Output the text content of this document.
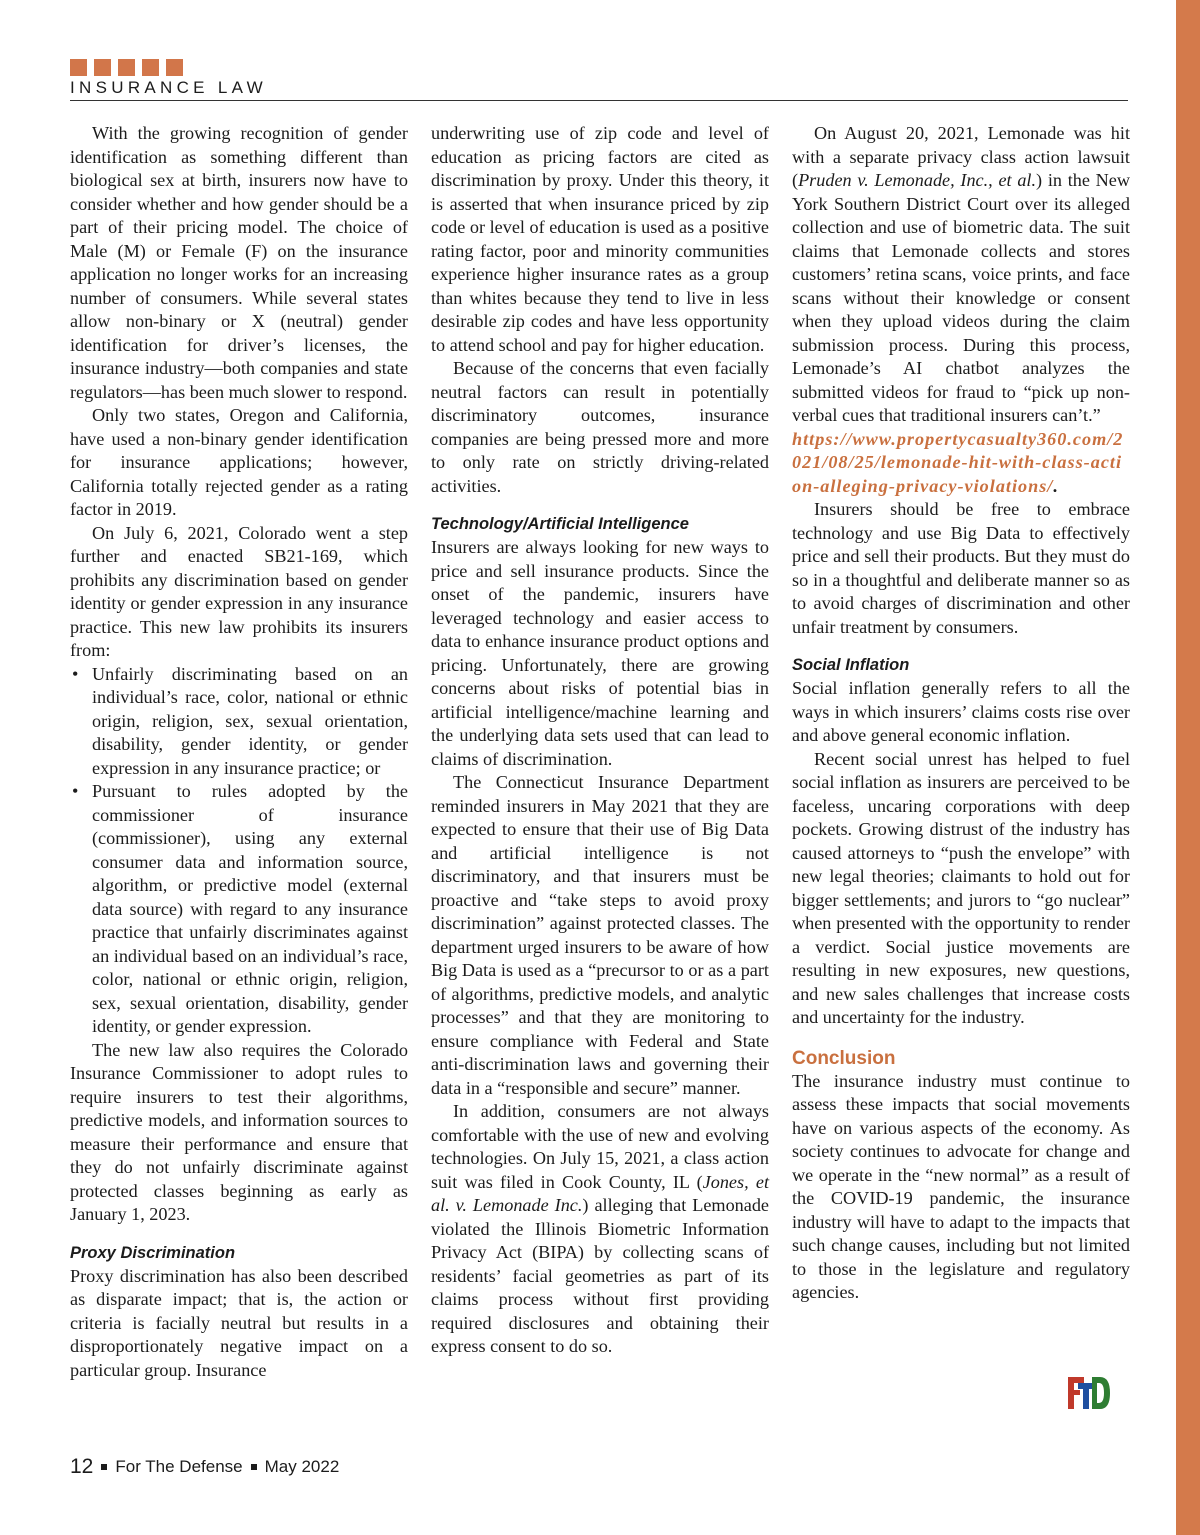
INSURANCE LAW

With the growing recognition of gender identification as something different than biological sex at birth, insurers now have to consider whether and how gender should be a part of their pricing model. The choice of Male (M) or Female (F) on the insurance application no longer works for an increasing number of consumers. While several states allow non-binary or X (neutral) gender identification for driver’s licenses, the insurance industry—both companies and state regulators—has been much slower to respond.

Only two states, Oregon and California, have used a non-binary gender identification for insurance applications; however, California totally rejected gender as a rating factor in 2019.

On July 6, 2021, Colorado went a step further and enacted SB21-169, which prohibits any discrimination based on gender identity or gender expression in any insurance practice. This new law prohibits its insurers from:

• Unfairly discriminating based on an individual’s race, color, national or ethnic origin, religion, sex, sexual orientation, disability, gender identity, or gender expression in any insurance practice; or
• Pursuant to rules adopted by the commissioner of insurance (commissioner), using any external consumer data and information source, algorithm, or predictive model (external data source) with regard to any insurance practice that unfairly discriminates against an individual based on an individual’s race, color, national or ethnic origin, religion, sex, sexual orientation, disability, gender identity, or gender expression.

The new law also requires the Colorado Insurance Commissioner to adopt rules to require insurers to test their algorithms, predictive models, and information sources to measure their performance and ensure that they do not unfairly discriminate against protected classes beginning as early as January 1, 2023.

Proxy Discrimination

Proxy discrimination has also been described as disparate impact; that is, the action or criteria is facially neutral but results in a disproportionately negative impact on a particular group. Insurance

underwriting use of zip code and level of education as pricing factors are cited as discrimination by proxy. Under this theory, it is asserted that when insurance priced by zip code or level of education is used as a positive rating factor, poor and minority communities experience higher insurance rates as a group than whites because they tend to live in less desirable zip codes and have less opportunity to attend school and pay for higher education.

Because of the concerns that even facially neutral factors can result in potentially discriminatory outcomes, insurance companies are being pressed more and more to only rate on strictly driving-related activities.

Technology/Artificial Intelligence

Insurers are always looking for new ways to price and sell insurance products. Since the onset of the pandemic, insurers have leveraged technology and easier access to data to enhance insurance product options and pricing. Unfortunately, there are growing concerns about risks of potential bias in artificial intelligence/machine learning and the underlying data sets used that can lead to claims of discrimination.

The Connecticut Insurance Department reminded insurers in May 2021 that they are expected to ensure that their use of Big Data and artificial intelligence is not discriminatory, and that insurers must be proactive and “take steps to avoid proxy discrimination” against protected classes. The department urged insurers to be aware of how Big Data is used as a “precursor to or as a part of algorithms, predictive models, and analytic processes” and that they are monitoring to ensure compliance with Federal and State anti-discrimination laws and governing their data in a “responsible and secure” manner.

In addition, consumers are not always comfortable with the use of new and evolving technologies. On July 15, 2021, a class action suit was filed in Cook County, IL (Jones, et al. v. Lemonade Inc.) alleging that Lemonade violated the Illinois Biometric Information Privacy Act (BIPA) by collecting scans of residents’ facial geometries as part of its claims process without first providing required disclosures and obtaining their express consent to do so.

On August 20, 2021, Lemonade was hit with a separate privacy class action lawsuit (Pruden v. Lemonade, Inc., et al.) in the New York Southern District Court over its alleged collection and use of biometric data. The suit claims that Lemonade collects and stores customers’ retina scans, voice prints, and face scans without their knowledge or consent when they upload videos during the claim submission process. During this process, Lemonade’s AI chatbot analyzes the submitted videos for fraud to “pick up non-verbal cues that traditional insurers can’t.”

https://www.propertycasualty360.com/2021/08/25/lemonade-hit-with-class-action-alleging-privacy-violations/.

Insurers should be free to embrace technology and use Big Data to effectively price and sell their products. But they must do so in a thoughtful and deliberate manner so as to avoid charges of discrimination and other unfair treatment by consumers.

Social Inflation

Social inflation generally refers to all the ways in which insurers’ claims costs rise over and above general economic inflation.

Recent social unrest has helped to fuel social inflation as insurers are perceived to be faceless, uncaring corporations with deep pockets. Growing distrust of the industry has caused attorneys to “push the envelope” with new legal theories; claimants to hold out for bigger settlements; and jurors to “go nuclear” when presented with the opportunity to render a verdict. Social justice movements are resulting in new exposures, new questions, and new sales challenges that increase costs and uncertainty for the industry.

Conclusion

The insurance industry must continue to assess these impacts that social movements have on various aspects of the economy. As society continues to advocate for change and we operate in the “new normal” as a result of the COVID-19 pandemic, the insurance industry will have to adapt to the impacts that such change causes, including but not limited to those in the legislature and regulatory agencies.

12 For The Defense May 2022
